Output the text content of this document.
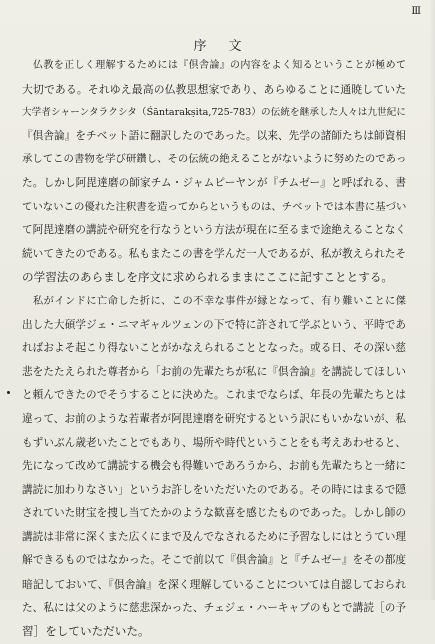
Ⅲ
序文
仏教を正しく理解するためには『倶舎論』の内容をよく知るということが極めて
大切である。それゆえ最高の仏教思想家であり、あらゆることに通暁していた
大学者シャーンタラクシタ（Śāntarakṣita,725-783）の伝統を継承した人々は九世紀に
『倶舎論』をチベット語に翻訳したのであった。以来、先学の諸師たちは師資相
承してこの書物を学び研鑽し、その伝統の絶えることがないように努めたのであっ
た。しかし阿毘達磨の師家チム・ジャムピーヤンが『チムゼー』と呼ばれる、書
ていないこの優れた注釈書を造ってからというものは、チベットでは本書に基づい
て阿毘達磨の講読や研究を行なうという方法が現在に至るまで途絶えることなく
続いてきたのである。私もまたこの書を学んだ一人であるが、私が教えられたそ
の学習法のあらましを序文に求められるままにここに記すこととする。
私がインドに亡命した折に、この不幸な事件が縁となって、有り難いことに傑
出した大碩学ジェ・ニマギャルツェンの下で特に許されて学ぶという、平時であ
ればおよそ起こり得ないことがかなえられることとなった。或る日、その深い慈
悲をたたえられた尊者から「お前の先輩たちが私に『倶舎論』を講読してほしい
と頼んできたのでそうすることに決めた。これまでならば、年長の先輩たちとは
違って、お前のような若輩者が阿毘達磨を研究するという訳にもいかないが、私
もずいぶん歳老いたことでもあり、場所や時代ということをも考えあわせると、
先になって改めて講読する機会も得難いであろうから、お前も先輩たちと一緒に
講読に加わりなさい」というお許しをいただいたのである。その時にはまるで隠
されていた財宝を捜し当てたかのような歓喜を感じたものであった。しかし師の
講読は非常に深くまた広くにまで及んでなされるために予習なしにはとうてい理
解できるものではなかった。そこで前以て『倶舎論』と『チムゼー』をその都度
暗記しておいて、『倶舎論』を深く理解していることについては自認しておられ
た、私には父のように慈悲深かった、チェジェ・ハーキャブのもとで講読［の予
習］をしていただいた。
